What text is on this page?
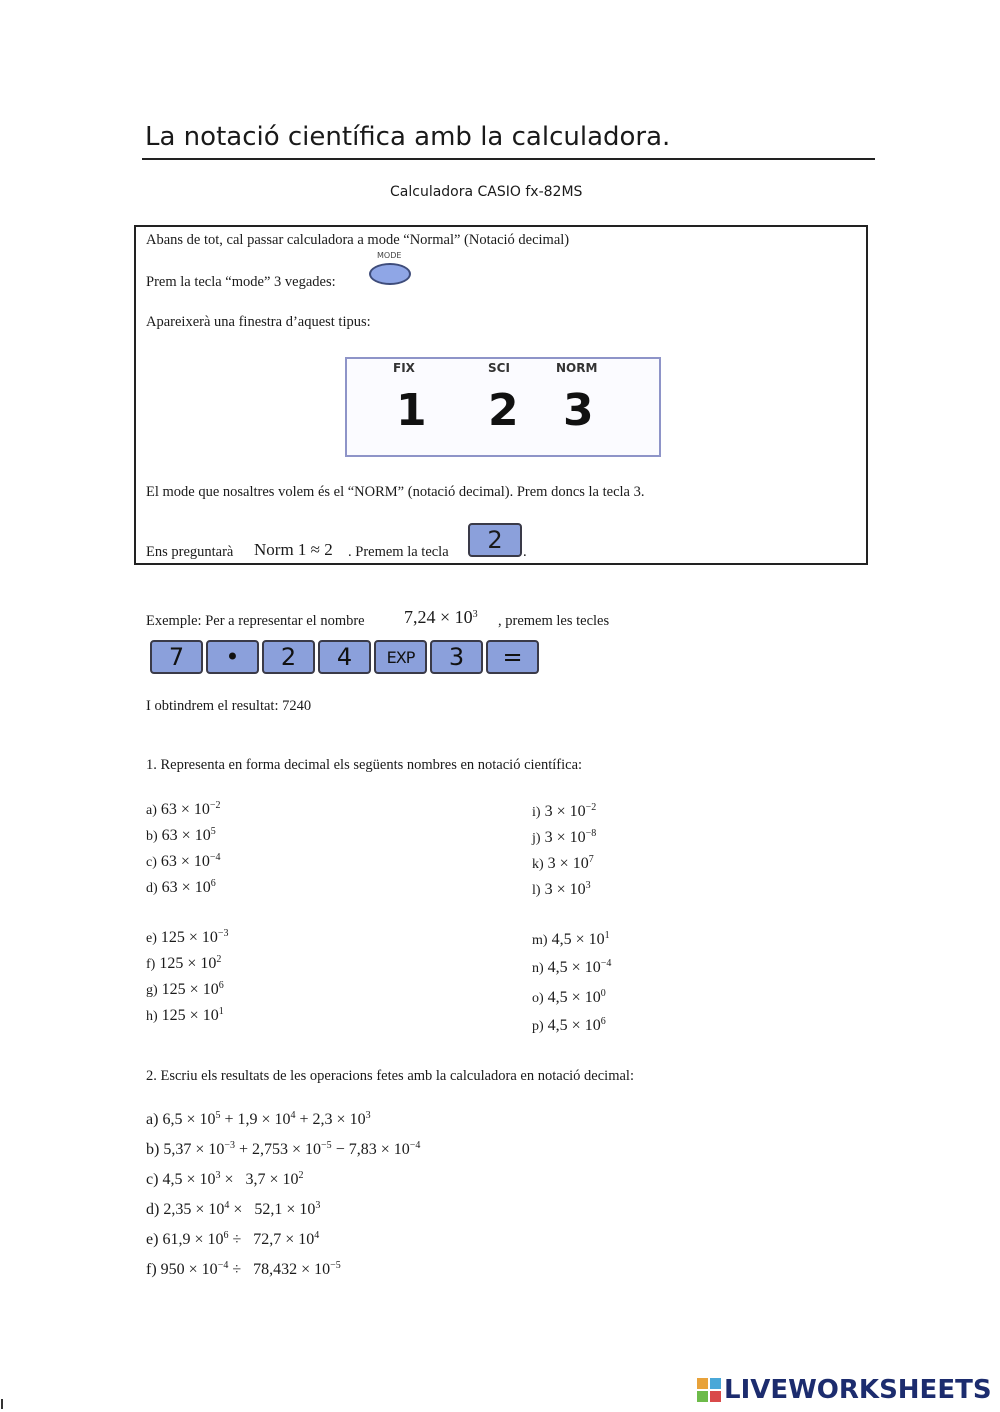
La notació científica amb la calculadora.
Calculadora CASIO fx-82MS
Abans de tot, cal passar calculadora a mode “Normal” (Notació decimal)
Prem la tecla “mode” 3 vegades:
MODE
Apareixerà una finestra d’aquest tipus:
FIX	SCI	NORM
1 2 3
El mode que nosaltres volem és el “NORM” (notació decimal). Prem doncs la tecla 3.
Ens preguntarà Norm 1 ≈ 2 . Premem la tecla	2	.
Exemple: Per a representar el nombre $7,24 \times 10^3$ , premem les tecles
7	•	2	4	EXP	3	=
I obtindrem el resultat: 7240
1. Representa en forma decimal els següents nombres en notació científica:
a) $63 \times 10^{-2}$
b) $63 \times 10^5$
c) $63 \times 10^{-4}$
d) $63 \times 10^6$
e) $125 \times 10^{-3}$
f) $125 \times 10^2$
g) $125 \times 10^6$
h) $125 \times 10^1$
i) $3 \times 10^{-2}$
j) $3 \times 10^{-8}$
k) $3 \times 10^7$
l) $3 \times 10^3$
m) $4,5 \times 10^1$
n) $4,5 \times 10^{-4}$
o) $4,5 \times 10^0$
p) $4,5 \times 10^6$
2. Escriu els resultats de les operacions fetes amb la calculadora en notació decimal:
a) $6,5 \times 10^5 + 1,9 \times 10^4 + 2,3 \times 10^3$
b) $5,37 \times 10^{-3} + 2,753 \times 10^{-5} - 7,83 \times 10^{-4}$
c) $4,5 \times 10^3 \times 3,7 \times 10^2$
d) $2,35 \times 10^4 \times 52,1 \times 10^3$
e) $61,9 \times 10^6 \div 72,7 \times 10^4$
f) $950 \times 10^{-4} \div 78,432 \times 10^{-5}$
LIVEWORKSHEETS
